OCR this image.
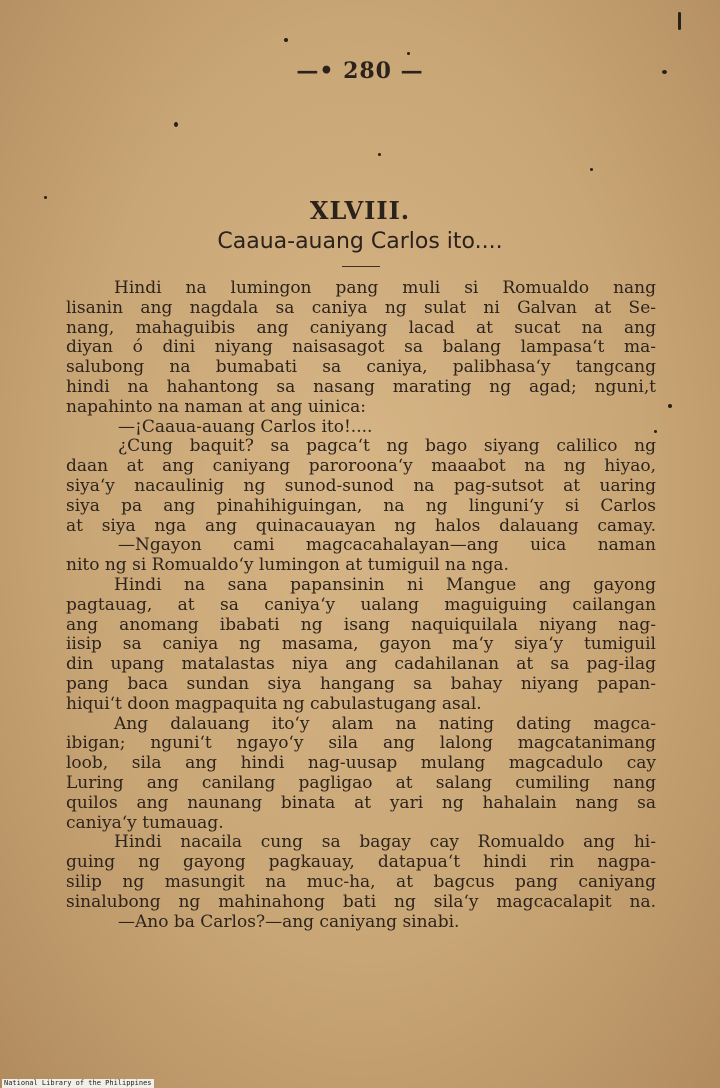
—• 280 —
XLVIII.
Caaua-auang Carlos ito....
Hindi na lumingon pang muli si Romualdo nang
lisanin ang nagdala sa caniya ng sulat ni Galvan at Se-
nang, mahaguibis ang caniyang lacad at sucat na ang
diyan ó dini niyang naisasagot sa balang lampasa‘t ma-
salubong na bumabati sa caniya, palibhasa‘y tangcang
hindi na hahantong sa nasang marating ng agad; nguni‚t
napahinto na naman at ang uinica:
—¡Caaua-auang Carlos ito!....
¿Cung baquit? sa pagca‘t ng bago siyang calilico ng
daan at ang caniyang paroroona‘y maaabot na ng hiyao,
siya‘y nacaulinig ng sunod-sunod na pag-sutsot at uaring
siya pa ang pinahihiguingan, na ng linguni‘y si Carlos
at siya nga ang quinacauayan ng halos dalauang camay.
—Ngayon cami magcacahalayan—ang uica naman
nito ng si Romualdo‘y lumingon at tumiguil na nga.
Hindi na sana papansinin ni Mangue ang gayong
pagtauag, at sa caniya‘y ualang maguiguing cailangan
ang anomang ibabati ng isang naquiquilala niyang nag-
iisip sa caniya ng masama, gayon ma‘y siya‘y tumiguil
din upang matalastas niya ang cadahilanan at sa pag-ilag
pang baca sundan siya hangang sa bahay niyang papan-
hiqui‘t doon magpaquita ng cabulastugang asal.
Ang dalauang ito‘y alam na nating dating magca-
ibigan; nguni‘t ngayo‘y sila ang lalong magcatanimang
loob, sila ang hindi nag-uusap mulang magcadulo cay
Luring ang canilang pagligao at salang cumiling nang
quilos ang naunang binata at yari ng hahalain nang sa
caniya‘y tumauag.
Hindi nacaila cung sa bagay cay Romualdo ang hi-
guing ng gayong pagkauay, datapua‘t hindi rin nagpa-
silip ng masungit na muc-ha, at bagcus pang caniyang
sinalubong ng mahinahong bati ng sila‘y magcacalapit na.
—Ano ba Carlos?—ang caniyang sinabi.
National Library of the Philippines
